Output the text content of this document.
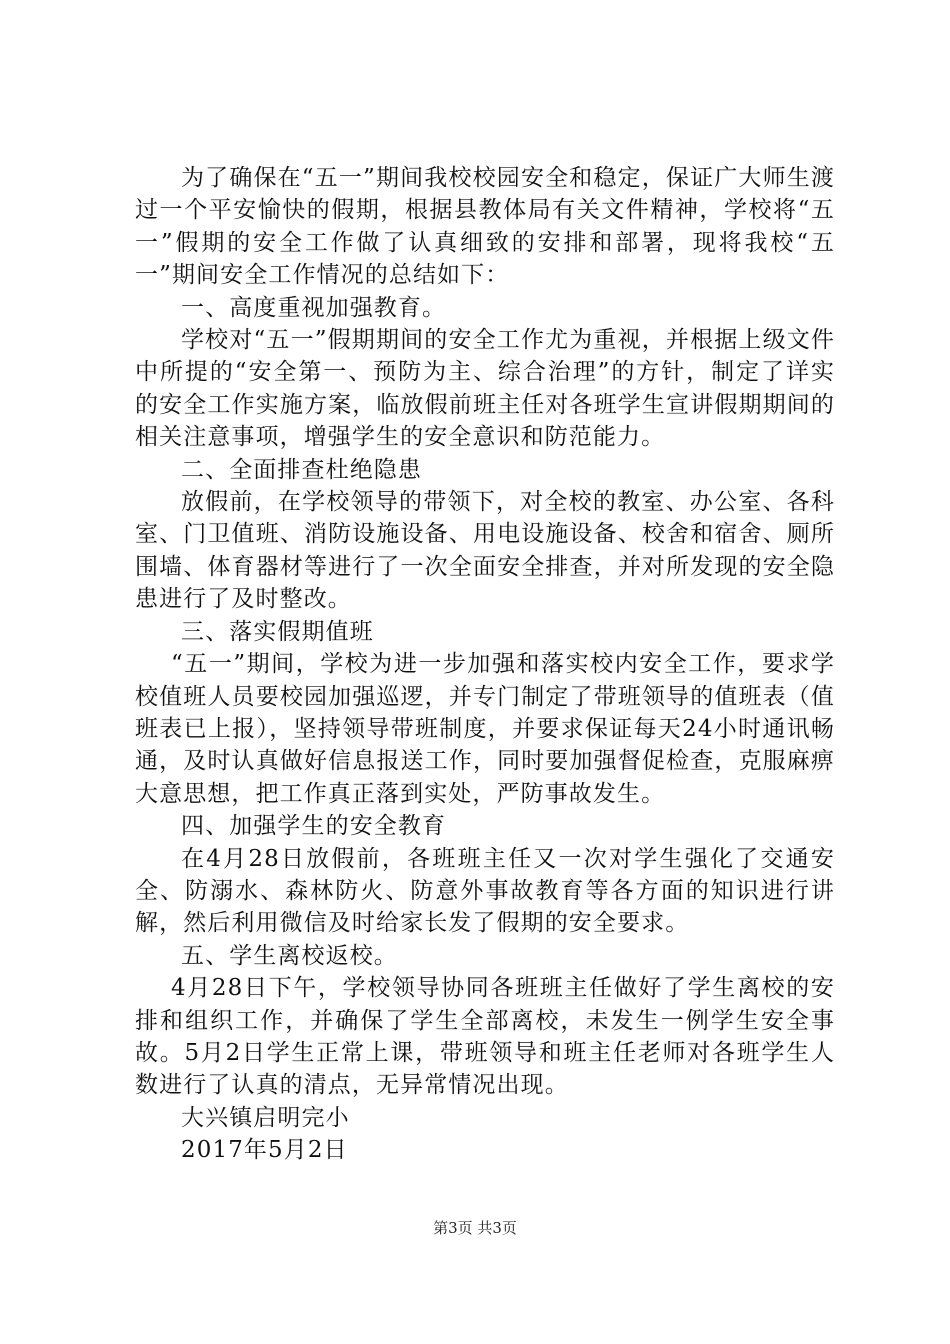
为了确保在“五一”期间我校校园安全和稳定，保证广大师生渡过一个平安愉快的假期，根据县教体局有关文件精神，学校将“五一”假期的安全工作做了认真细致的安排和部署，现将我校“五一”期间安全工作情况的总结如下：

一、高度重视加强教育。

学校对“五一”假期期间的安全工作尤为重视，并根据上级文件中所提的“安全第一、预防为主、综合治理”的方针，制定了详实的安全工作实施方案，临放假前班主任对各班学生宣讲假期期间的相关注意事项，增强学生的安全意识和防范能力。

二、全面排查杜绝隐患

放假前，在学校领导的带领下，对全校的教室、办公室、各科室、门卫值班、消防设施设备、用电设施设备、校舍和宿舍、厕所围墙、体育器材等进行了一次全面安全排查，并对所发现的安全隐患进行了及时整改。

三、落实假期值班

“五一”期间，学校为进一步加强和落实校内安全工作，要求学校值班人员要校园加强巡逻，并专门制定了带班领导的值班表（值班表已上报），坚持领导带班制度，并要求保证每天24小时通讯畅通，及时认真做好信息报送工作，同时要加强督促检查，克服麻痹大意思想，把工作真正落到实处，严防事故发生。

四、加强学生的安全教育

在4月28日放假前，各班班主任又一次对学生强化了交通安全、防溺水、森林防火、防意外事故教育等各方面的知识进行讲解，然后利用微信及时给家长发了假期的安全要求。

五、学生离校返校。

4月28日下午，学校领导协同各班班主任做好了学生离校的安排和组织工作，并确保了学生全部离校，未发生一例学生安全事故。5月2日学生正常上课，带班领导和班主任老师对各班学生人数进行了认真的清点，无异常情况出现。

大兴镇启明完小

2017年5月2日

第3页 共3页
